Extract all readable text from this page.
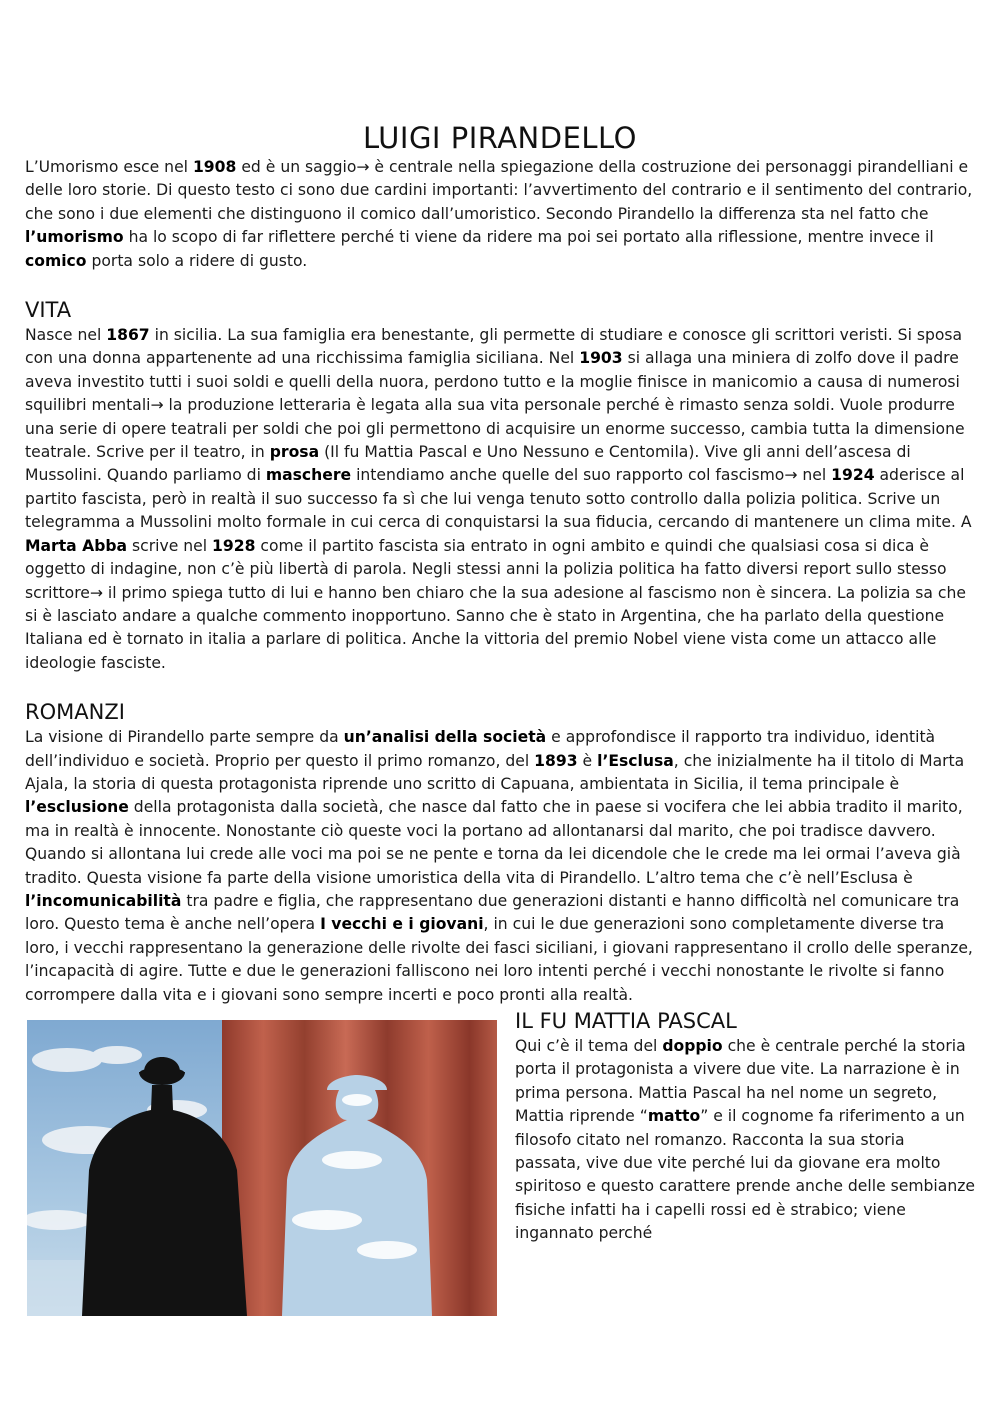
LUIGI PIRANDELLO

L’Umorismo esce nel 1908 ed è un saggio→ è centrale nella spiegazione della costruzione dei personaggi pirandelliani e delle loro storie. Di questo testo ci sono due cardini importanti: l’avvertimento del contrario e il sentimento del contrario, che sono i due elementi che distinguono il comico dall’umoristico. Secondo Pirandello la differenza sta nel fatto che l’umorismo ha lo scopo di far riflettere perché ti viene da ridere ma poi sei portato alla riflessione, mentre invece il comico porta solo a ridere di gusto.

VITA

Nasce nel 1867 in sicilia. La sua famiglia era benestante, gli permette di studiare e conosce gli scrittori veristi. Si sposa con una donna appartenente ad una ricchissima famiglia siciliana. Nel 1903 si allaga una miniera di zolfo dove il padre aveva investito tutti i suoi soldi e quelli della nuora, perdono tutto e la moglie finisce in manicomio a causa di numerosi squilibri mentali→ la produzione letteraria è legata alla sua vita personale perché è rimasto senza soldi. Vuole produrre una serie di opere teatrali per soldi che poi gli permettono di acquisire un enorme successo, cambia tutta la dimensione teatrale. Scrive per il teatro, in prosa (Il fu Mattia Pascal e Uno Nessuno e Centomila). Vive gli anni dell’ascesa di Mussolini. Quando parliamo di maschere intendiamo anche quelle del suo rapporto col fascismo→ nel 1924 aderisce al partito fascista, però in realtà il suo successo fa sì che lui venga tenuto sotto controllo dalla polizia politica. Scrive un telegramma a Mussolini molto formale in cui cerca di conquistarsi la sua fiducia, cercando di mantenere un clima mite. A Marta Abba scrive nel 1928 come il partito fascista sia entrato in ogni ambito e quindi che qualsiasi cosa si dica è oggetto di indagine, non c’è più libertà di parola. Negli stessi anni la polizia politica ha fatto diversi report sullo stesso scrittore→ il primo spiega tutto di lui e hanno ben chiaro che la sua adesione al fascismo non è sincera. La polizia sa che si è lasciato andare a qualche commento inopportuno. Sanno che è stato in Argentina, che ha parlato della questione Italiana ed è tornato in italia a parlare di politica. Anche la vittoria del premio Nobel viene vista come un attacco alle ideologie fasciste.

ROMANZI

La visione di Pirandello parte sempre da un’analisi della società e approfondisce il rapporto tra individuo, identità dell’individuo e società. Proprio per questo il primo romanzo, del 1893 è l’Esclusa, che inizialmente ha il titolo di Marta Ajala, la storia di questa protagonista riprende uno scritto di Capuana, ambientata in Sicilia, il tema principale è l’esclusione della protagonista dalla società, che nasce dal fatto che in paese si vocifera che lei abbia tradito il marito, ma in realtà è innocente. Nonostante ciò queste voci la portano ad allontanarsi dal marito, che poi tradisce davvero. Quando si allontana lui crede alle voci ma poi se ne pente e torna da lei dicendole che le crede ma lei ormai l’aveva già tradito. Questa visione fa parte della visione umoristica della vita di Pirandello. L’altro tema che c’è nell’Esclusa è l’incomunicabilità tra padre e figlia, che rappresentano due generazioni distanti e hanno difficoltà nel comunicare tra loro. Questo tema è anche nell’opera I vecchi e i giovani, in cui le due generazioni sono completamente diverse tra loro, i vecchi rappresentano la generazione delle rivolte dei fasci siciliani, i giovani rappresentano il crollo delle speranze, l’incapacità di agire. Tutte e due le generazioni falliscono nei loro intenti perché i vecchi nonostante le rivolte si fanno corrompere dalla vita e i giovani sono sempre incerti e poco pronti alla realtà.

IL FU MATTIA PASCAL

Qui c’è il tema del doppio che è centrale perché la storia porta il protagonista a vivere due vite. La narrazione è in prima persona. Mattia Pascal ha nel nome un segreto, Mattia riprende “matto” e il cognome fa riferimento a un filosofo citato nel romanzo. Racconta la sua storia passata, vive due vite perché lui da giovane era molto spiritoso e questo carattere prende anche delle sembianze fisiche infatti ha i capelli rossi ed è strabico; viene ingannato perché
